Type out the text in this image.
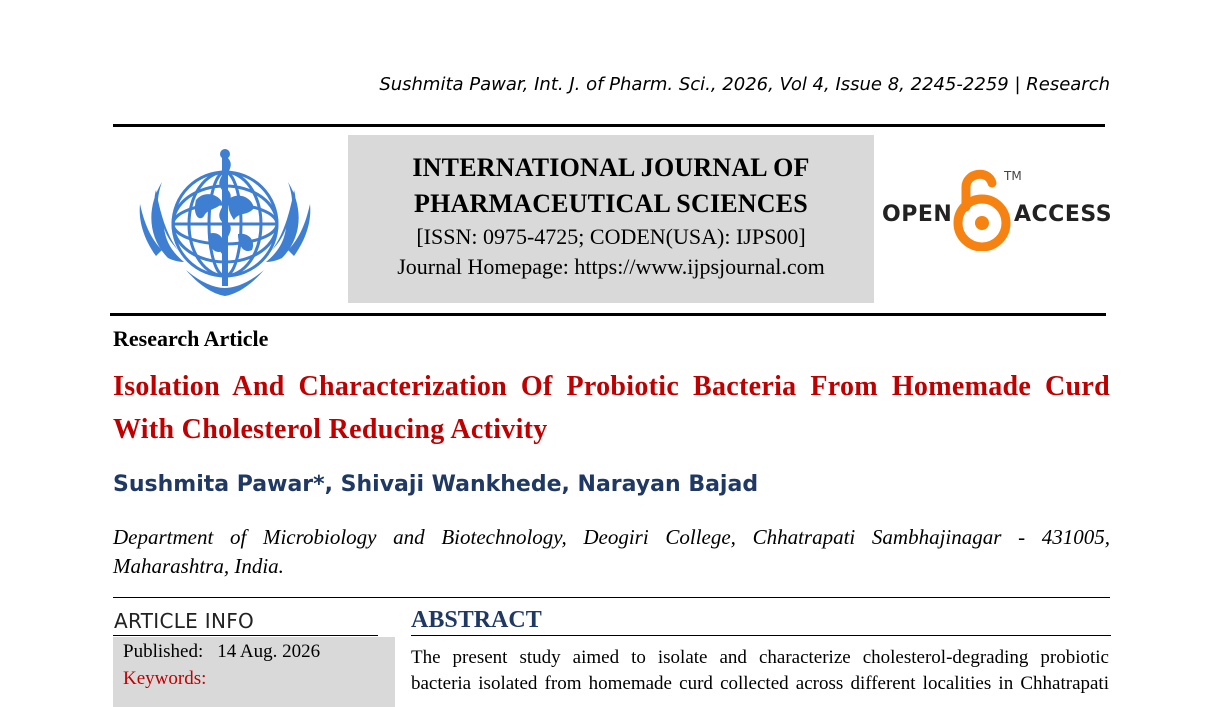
Sushmita Pawar, Int. J. of Pharm. Sci., 2026, Vol 4, Issue 8, 2245-2259 | Research
INTERNATIONAL JOURNAL OF
PHARMACEUTICAL SCIENCES
[ISSN: 0975-4725; CODEN(USA): IJPS00]
Journal Homepage: https://www.ijpsjournal.com
OPEN
TM
ACCESS
Research Article
Isolation And Characterization Of Probiotic Bacteria From Homemade Curd With Cholesterol Reducing Activity
Sushmita Pawar*, Shivaji Wankhede, Narayan Bajad
Department of Microbiology and Biotechnology, Deogiri College, Chhatrapati Sambhajinagar - 431005, Maharashtra, India.
ARTICLE INFO
Published: 14 Aug. 2026
Keywords:
ABSTRACT
The present study aimed to isolate and characterize cholesterol-degrading probiotic
bacteria isolated from homemade curd collected across different localities in Chhatrapati
